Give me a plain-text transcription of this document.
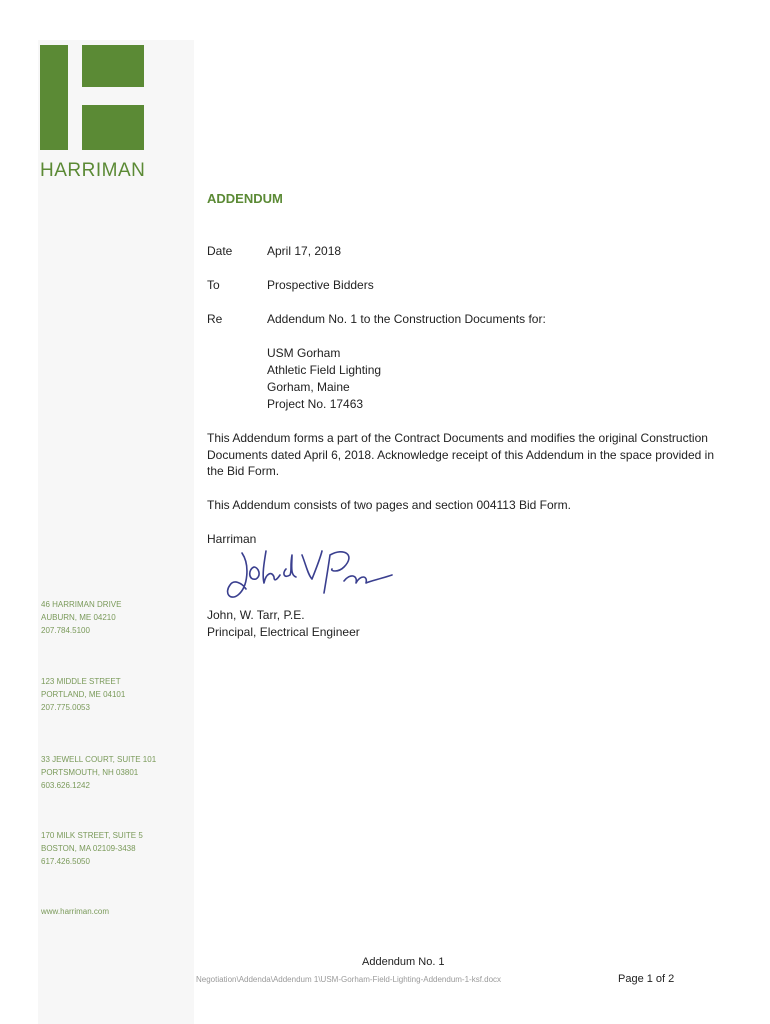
HARRIMAN
46 HARRIMAN DRIVE
AUBURN, ME 04210
207.784.5100
123 MIDDLE STREET
PORTLAND, ME 04101
207.775.0053
33 JEWELL COURT, SUITE 101
PORTSMOUTH, NH 03801
603.626.1242
170 MILK STREET, SUITE 5
BOSTON, MA 02109-3438
617.426.5050
www.harriman.com
ADDENDUM
Date	April 17, 2018
To	Prospective Bidders
Re	Addendum No. 1 to the Construction Documents for:
USM Gorham
Athletic Field Lighting
Gorham, Maine
Project No. 17463
This Addendum forms a part of the Contract Documents and modifies the original Construction Documents dated April 6, 2018. Acknowledge receipt of this Addendum in the space provided in the Bid Form.
This Addendum consists of two pages and section 004113 Bid Form.
Harriman
John, W. Tarr, P.E.
Principal, Electrical Engineer
Addendum No. 1
Negotiation\Addenda\Addendum 1\USM-Gorham-Field-Lighting-Addendum-1-ksf.docx	Page 1 of 2
